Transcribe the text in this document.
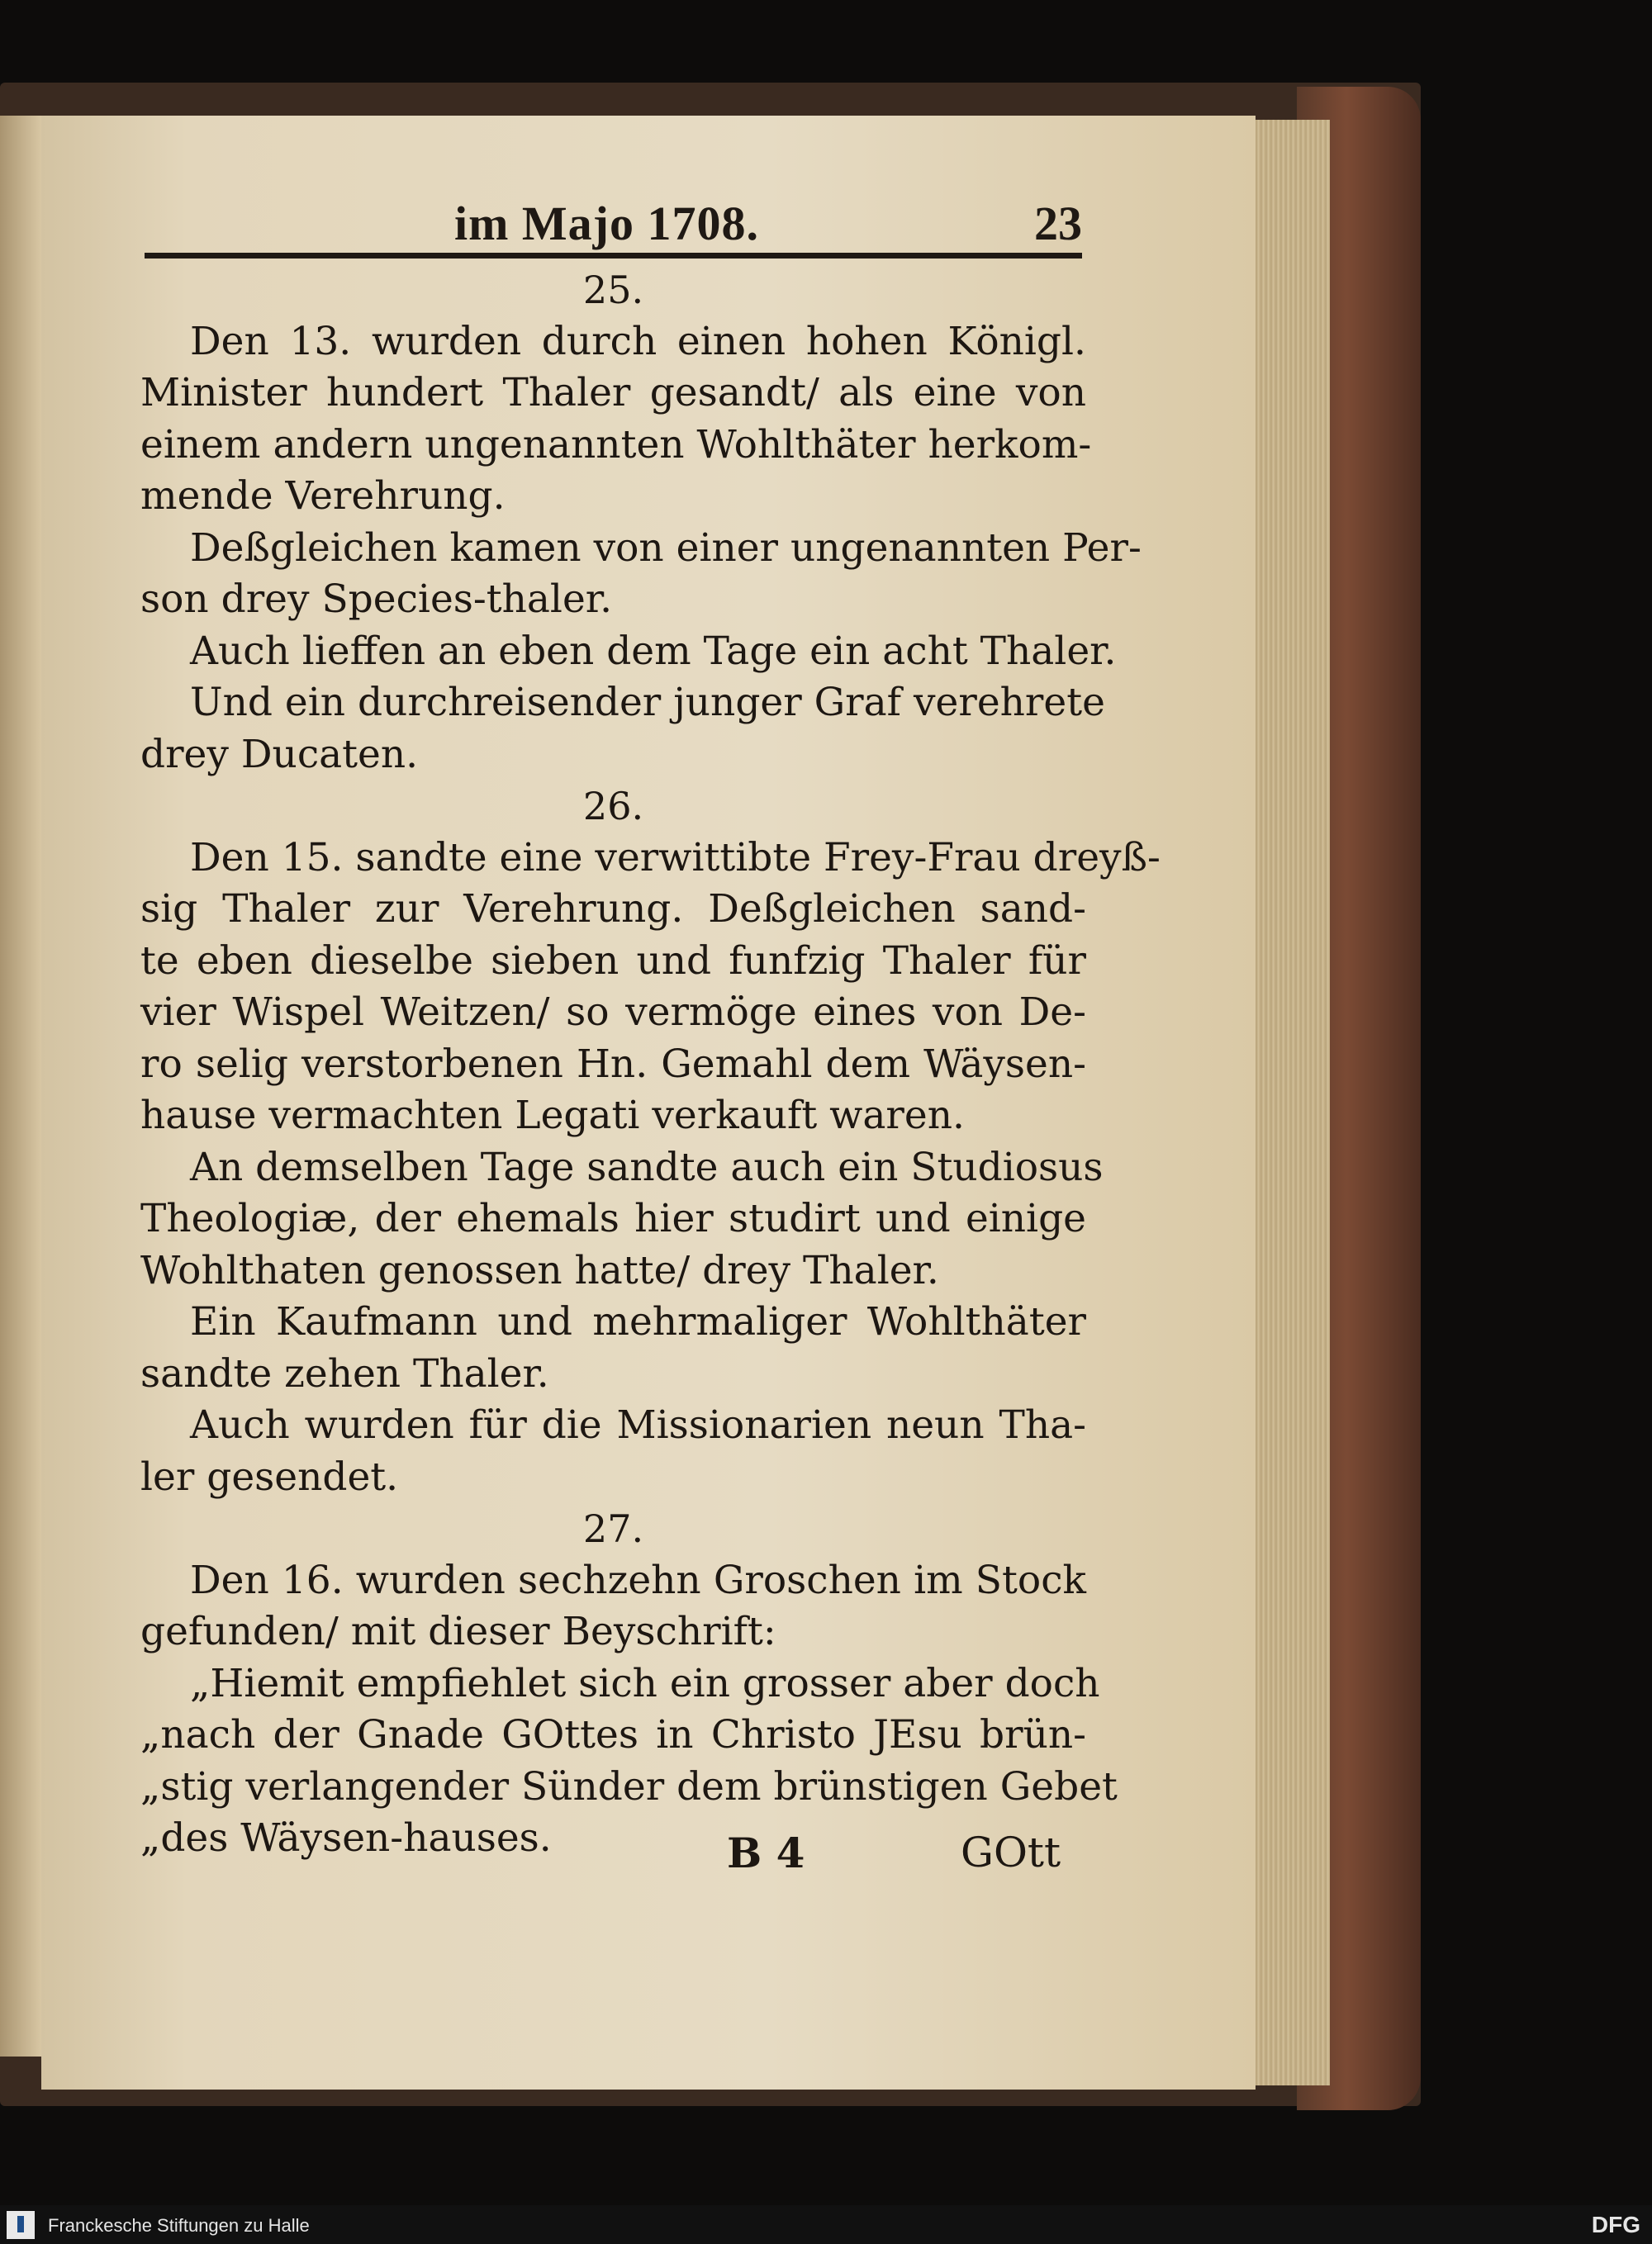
im Majo 1708.	23
25.
Den 13. wurden durch einen hohen Königl.
Minister hundert Thaler gesandt/ als eine von
einem andern ungenannten Wohlthäter herkom-
mende Verehrung.
Deßgleichen kamen von einer ungenannten Per-
son drey Species-thaler.
Auch lieffen an eben dem Tage ein acht Thaler.
Und ein durchreisender junger Graf verehrete
drey Ducaten.
26.
Den 15. sandte eine verwittibte Frey-Frau dreyß-
sig Thaler zur Verehrung. Deßgleichen sand-
te eben dieselbe sieben und funfzig Thaler für
vier Wispel Weitzen/ so vermöge eines von De-
ro selig verstorbenen Hn. Gemahl dem Wäysen-
hause vermachten Legati verkauft waren.
An demselben Tage sandte auch ein Studiosus
Theologiæ, der ehemals hier studirt und einige
Wohlthaten genossen hatte/ drey Thaler.
Ein Kaufmann und mehrmaliger Wohlthäter
sandte zehen Thaler.
Auch wurden für die Missionarien neun Tha-
ler gesendet.
27.
Den 16. wurden sechzehn Groschen im Stock
gefunden/ mit dieser Beyschrift:
„Hiemit empfiehlet sich ein grosser aber doch
„nach der Gnade GOttes in Christo JEsu brün-
„stig verlangender Sünder dem brünstigen Gebet
„des Wäysen-hauses.	B 4	GOtt
Franckesche Stiftungen zu Halle	DFG
